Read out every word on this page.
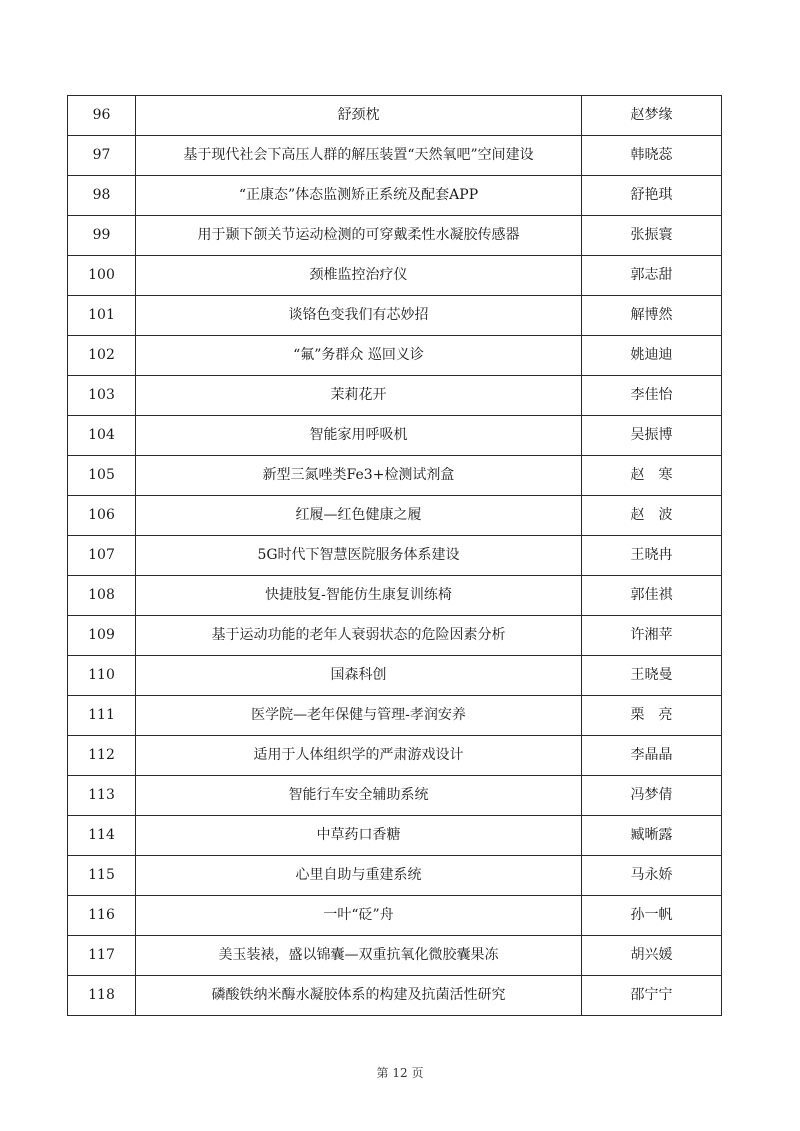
96	舒颈枕	赵梦缘
97	基于现代社会下高压人群的解压装置“天然氧吧”空间建设	韩晓蕊
98	“正康态”体态监测矫正系统及配套APP	舒艳琪
99	用于颞下颌关节运动检测的可穿戴柔性水凝胶传感器	张振寰
100	颈椎监控治疗仪	郭志甜
101	谈铬色变我们有芯妙招	解博然
102	“氟”务群众 巡回义诊	姚迪迪
103	茉莉花开	李佳怡
104	智能家用呼吸机	吴振博
105	新型三氮唑类Fe3+检测试剂盒	赵　寒
106	红履—红色健康之履	赵　波
107	5G时代下智慧医院服务体系建设	王晓冉
108	快捷肢复-智能仿生康复训练椅	郭佳祺
109	基于运动功能的老年人衰弱状态的危险因素分析	许湘苹
110	国森科创	王晓曼
111	医学院—老年保健与管理-孝润安养	栗　亮
112	适用于人体组织学的严肃游戏设计	李晶晶
113	智能行车安全辅助系统	冯梦倩
114	中草药口香糖	臧晰露
115	心里自助与重建系统	马永娇
116	一叶“砭”舟	孙一帆
117	美玉装裱，盛以锦囊—双重抗氧化微胶囊果冻	胡兴媛
118	磷酸铁纳米酶水凝胶体系的构建及抗菌活性研究	邵宁宁
第 12 页
